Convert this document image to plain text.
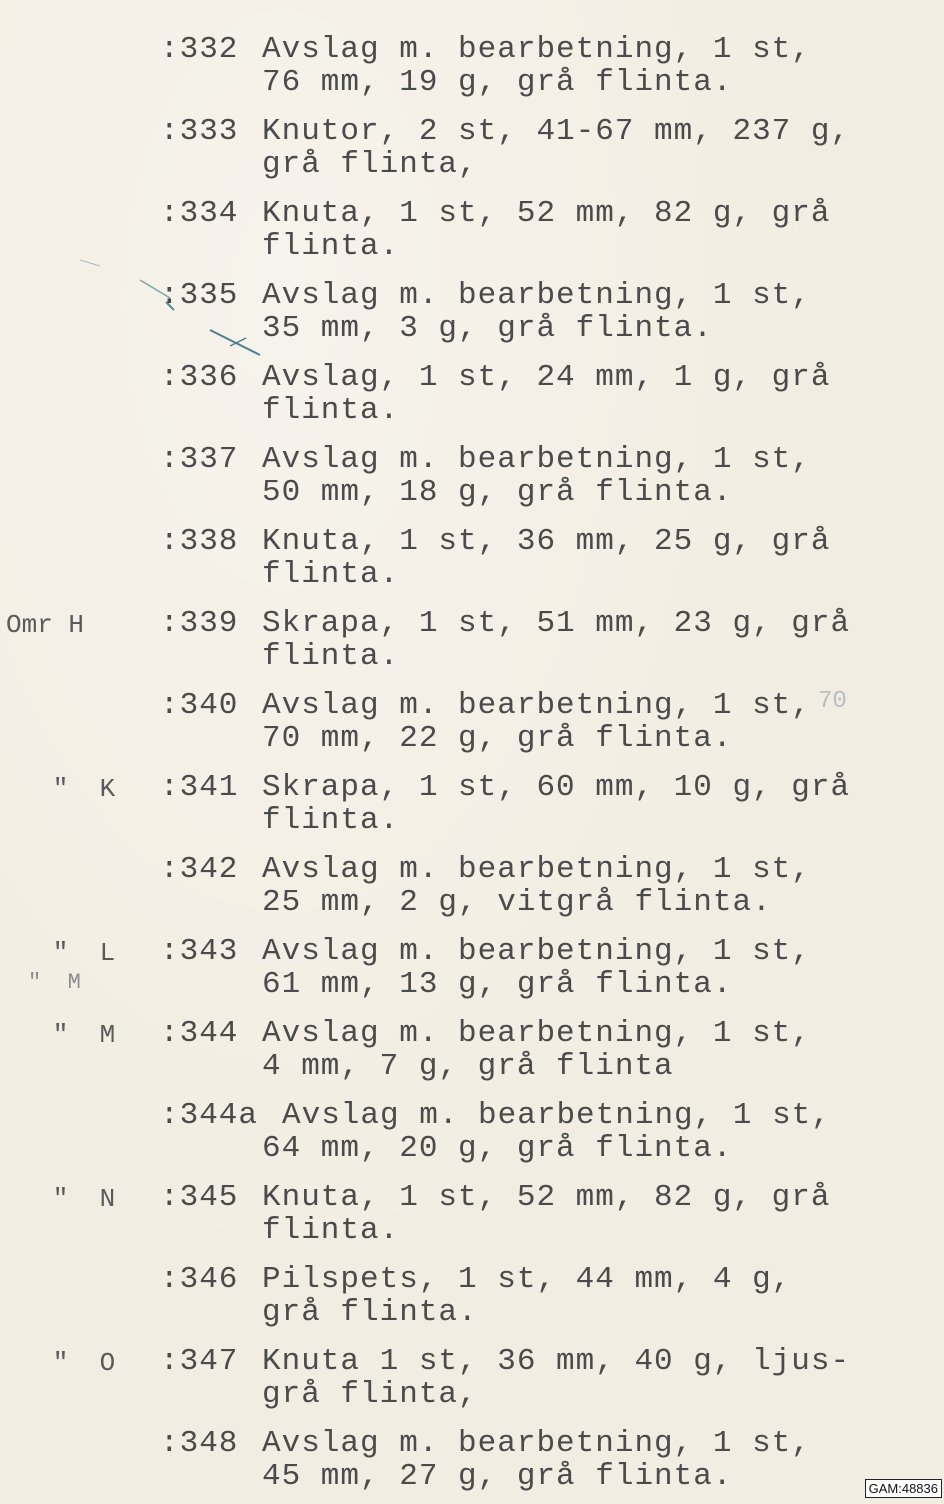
:332 Avslag m. bearbetning, 1 st,
76 mm, 19 g, grå flinta.
:333 Knutor, 2 st, 41-67 mm, 237 g,
grå flinta,
:334 Knuta, 1 st, 52 mm, 82 g, grå
flinta.
:335 Avslag m. bearbetning, 1 st,
35 mm, 3 g, grå flinta.
:336 Avslag, 1 st, 24 mm, 1 g, grå
flinta.
:337 Avslag m. bearbetning, 1 st,
50 mm, 18 g, grå flinta.
:338 Knuta, 1 st, 36 mm, 25 g, grå
flinta.
Omr H :339 Skrapa, 1 st, 51 mm, 23 g, grå
flinta.
:340 Avslag m. bearbetning, 1 st,
70 mm, 22 g, grå flinta.
70
"  K :341 Skrapa, 1 st, 60 mm, 10 g, grå
flinta.
:342 Avslag m. bearbetning, 1 st,
25 mm, 2 g, vitgrå flinta.
"  L
"  M
:343 Avslag m. bearbetning, 1 st,
61 mm, 13 g, grå flinta.
"  M :344 Avslag m. bearbetning, 1 st,
4 mm, 7 g, grå flinta
:344a Avslag m. bearbetning, 1 st,
64 mm, 20 g, grå flinta.
"  N :345 Knuta, 1 st, 52 mm, 82 g, grå
flinta.
:346 Pilspets, 1 st, 44 mm, 4 g,
grå flinta.
"  O :347 Knuta 1 st, 36 mm, 40 g, ljus-
grå flinta,
:348 Avslag m. bearbetning, 1 st,
45 mm, 27 g, grå flinta.	GAM:48836
